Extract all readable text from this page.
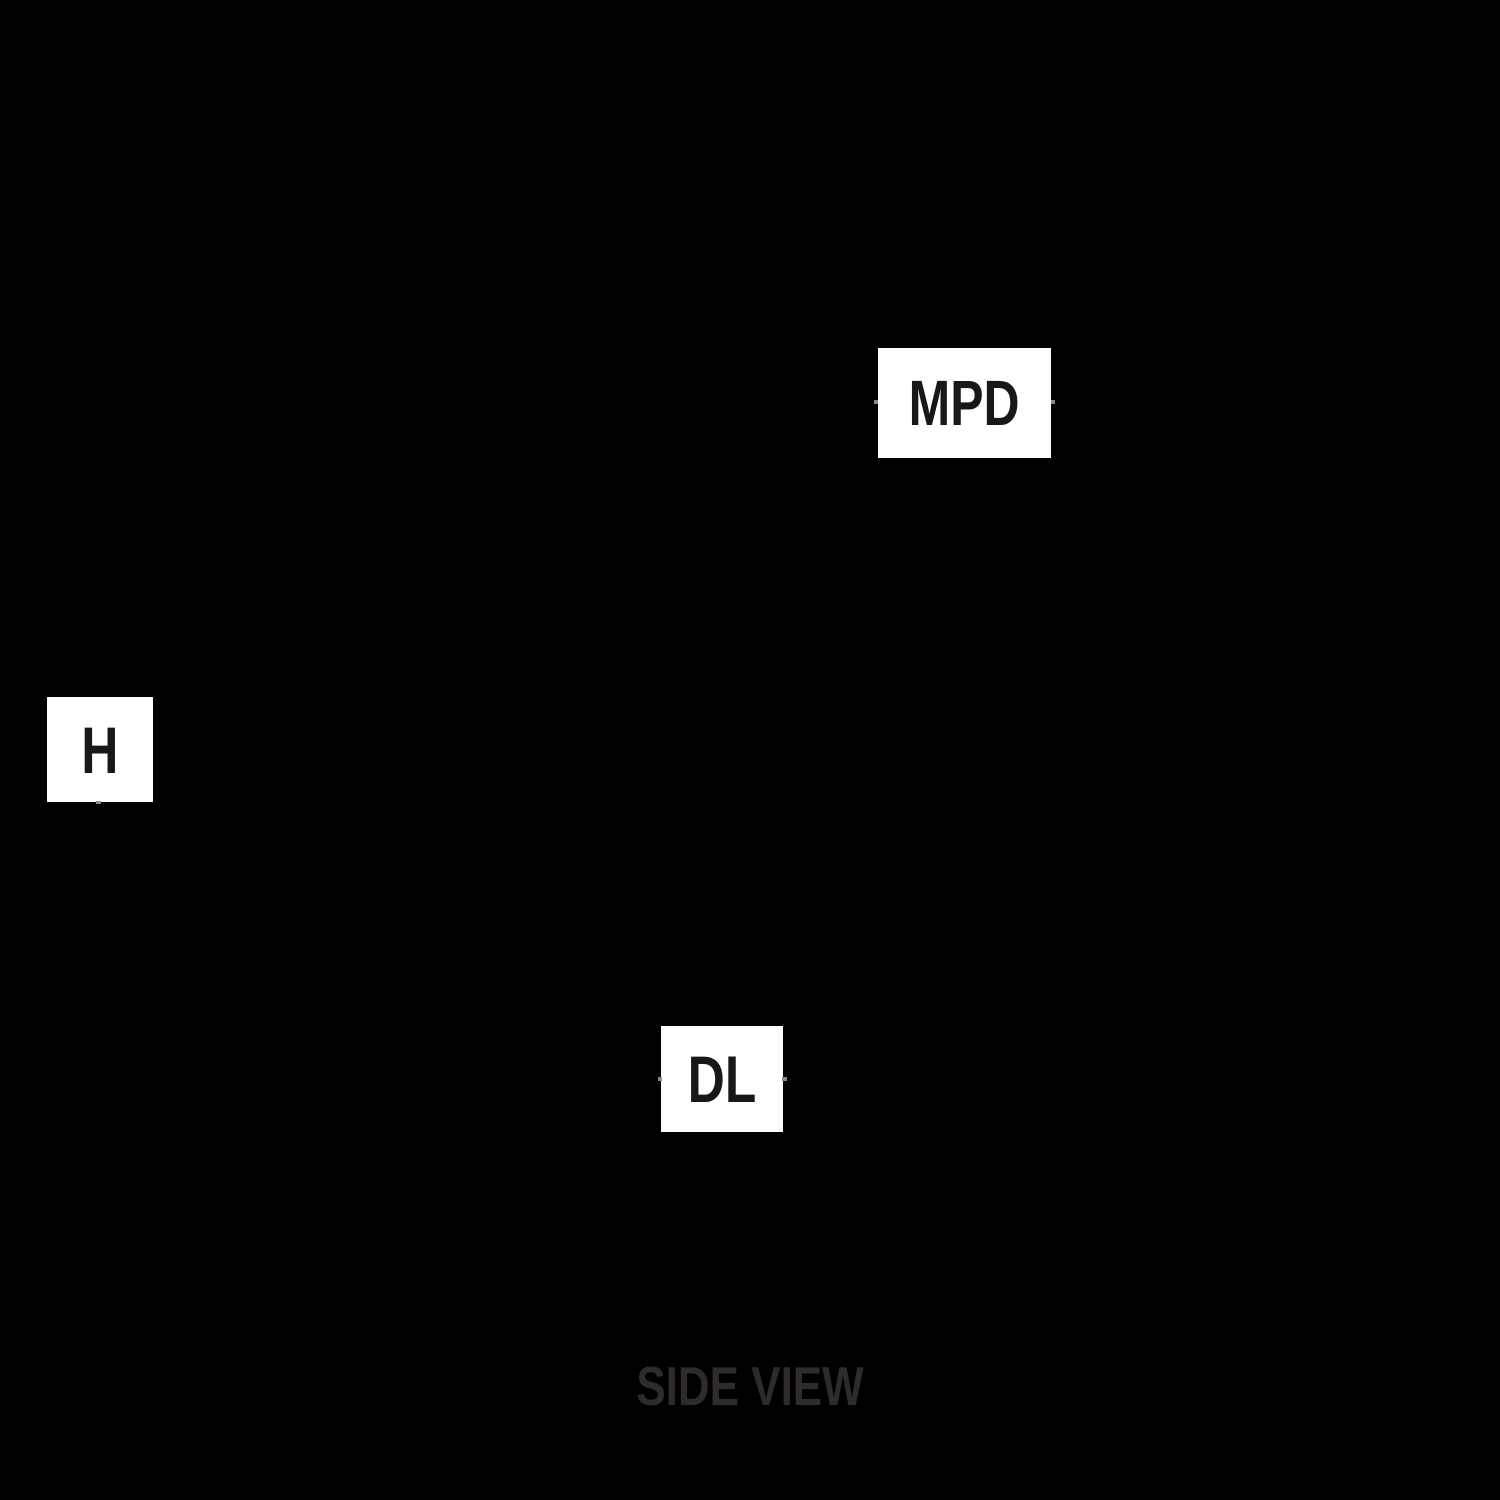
MPD
H
DL
SIDE VIEW
